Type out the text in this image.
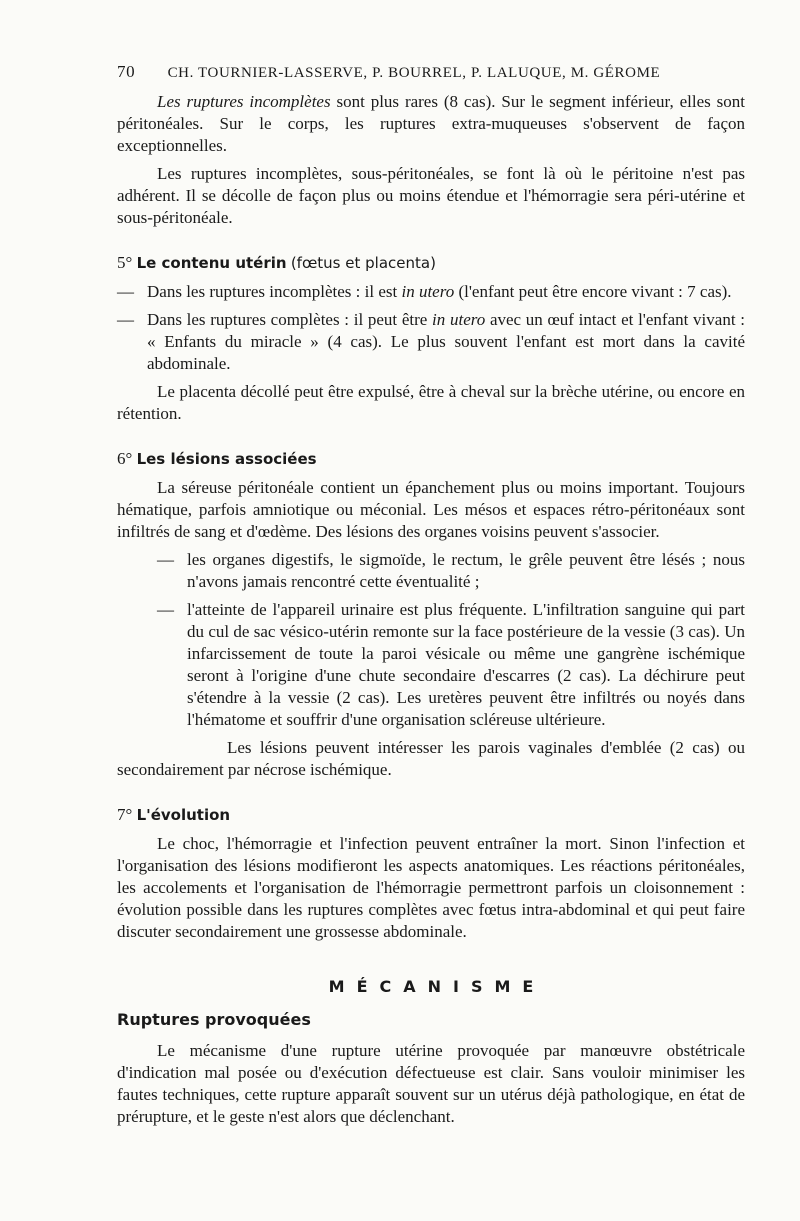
70 CH. TOURNIER-LASSERVE, P. BOURREL, P. LALUQUE, M. GÉROME

Les ruptures incomplètes sont plus rares (8 cas). Sur le segment inférieur, elles sont péritonéales. Sur le corps, les ruptures extra-muqueuses s'observent de façon exceptionnelles.

Les ruptures incomplètes, sous-péritonéales, se font là où le péritoine n'est pas adhérent. Il se décolle de façon plus ou moins étendue et l'hémorragie sera péri-utérine et sous-péritonéale.

5° Le contenu utérin (fœtus et placenta)
— Dans les ruptures incomplètes : il est in utero (l'enfant peut être encore vivant : 7 cas).
— Dans les ruptures complètes : il peut être in utero avec un œuf intact et l'enfant vivant : « Enfants du miracle » (4 cas). Le plus souvent l'enfant est mort dans la cavité abdominale.

Le placenta décollé peut être expulsé, être à cheval sur la brèche utérine, ou encore en rétention.

6° Les lésions associées

La séreuse péritonéale contient un épanchement plus ou moins important. Toujours hématique, parfois amniotique ou méconial. Les mésos et espaces rétro-péritonéaux sont infiltrés de sang et d'œdème. Des lésions des organes voisins peuvent s'associer.

— les organes digestifs, le sigmoïde, le rectum, le grêle peuvent être lésés ; nous n'avons jamais rencontré cette éventualité ;
— l'atteinte de l'appareil urinaire est plus fréquente. L'infiltration sanguine qui part du cul de sac vésico-utérin remonte sur la face postérieure de la vessie (3 cas). Un infarcissement de toute la paroi vésicale ou même une gangrène ischémique seront à l'origine d'une chute secondaire d'escarres (2 cas). La déchirure peut s'étendre à la vessie (2 cas). Les uretères peuvent être infiltrés ou noyés dans l'hématome et souffrir d'une organisation scléreuse ultérieure.

Les lésions peuvent intéresser les parois vaginales d'emblée (2 cas) ou secondairement par nécrose ischémique.

7° L'évolution

Le choc, l'hémorragie et l'infection peuvent entraîner la mort. Sinon l'infection et l'organisation des lésions modifieront les aspects anatomiques. Les réactions péritonéales, les accolements et l'organisation de l'hémorragie permettront parfois un cloisonnement : évolution possible dans les ruptures complètes avec fœtus intra-abdominal et qui peut faire discuter secondairement une grossesse abdominale.

MÉCANISME
Ruptures provoquées

Le mécanisme d'une rupture utérine provoquée par manœuvre obstétricale d'indication mal posée ou d'exécution défectueuse est clair. Sans vouloir minimiser les fautes techniques, cette rupture apparaît souvent sur un utérus déjà pathologique, en état de prérupture, et le geste n'est alors que déclenchant.
